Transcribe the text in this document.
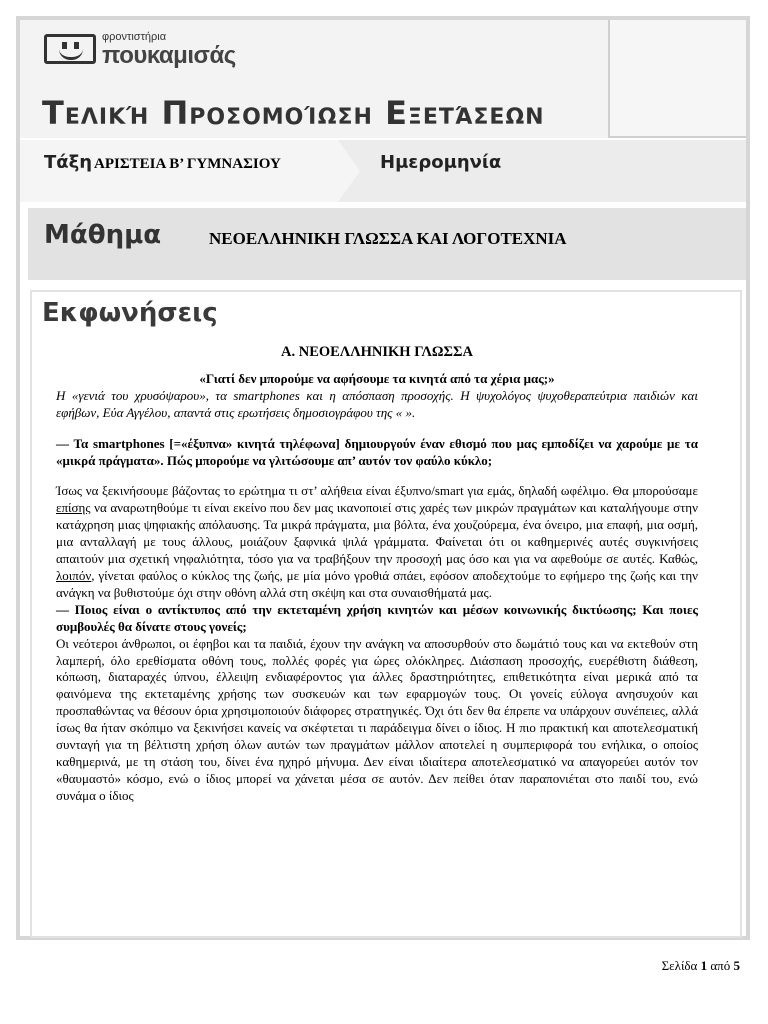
φροντιστήρια
πουκαμισάς
Τελική Προσομοίωση Εξετάσεων
Τάξη ΑΡΙΣΤΕΙΑ Β’ ΓΥΜΝΑΣΙΟΥ	Ημερομηνία
Μάθημα	ΝΕΟΕΛΛΗΝΙΚΗ ΓΛΩΣΣΑ ΚΑΙ ΛΟΓΟΤΕΧΝΙΑ
Εκφωνήσεις

Α. ΝΕΟΕΛΛΗΝΙΚΗ ΓΛΩΣΣΑ

«Γιατί δεν μπορούμε να αφήσουμε τα κινητά από τα χέρια μας;»

Η «γενιά του χρυσόψαρου», τα smartphones και η απόσπαση προσοχής. Η ψυχολόγος ψυχοθεραπεύτρια παιδιών και εφήβων, Εύα Αγγέλου, απαντά στις ερωτήσεις δημοσιογράφου της « ».

— Τα smartphones [=«έξυπνα» κινητά τηλέφωνα] δημιουργούν έναν εθισμό που μας εμποδίζει να χαρούμε με τα «μικρά πράγματα». Πώς μπορούμε να γλιτώσουμε απ’ αυτόν τον φαύλο κύκλο;

Ίσως να ξεκινήσουμε βάζοντας το ερώτημα τι στ’ αλήθεια είναι έξυπνο/smart για εμάς, δηλαδή ωφέλιμο. Θα μπορούσαμε επίσης να αναρωτηθούμε τι είναι εκείνο που δεν μας ικανοποιεί στις χαρές των μικρών πραγμάτων και καταλήγουμε στην κατάχρηση μιας ψηφιακής απόλαυσης. Τα μικρά πράγματα, μια βόλτα, ένα χουζούρεμα, ένα όνειρο, μια επαφή, μια οσμή, μια ανταλλαγή με τους άλλους, μοιάζουν ξαφνικά ψιλά γράμματα. Φαίνεται ότι οι καθημερινές αυτές συγκινήσεις απαιτούν μια σχετική νηφαλιότητα, τόσο για να τραβήξουν την προσοχή μας όσο και για να αφεθούμε σε αυτές. Καθώς, λοιπόν, γίνεται φαύλος ο κύκλος της ζωής, με μία μόνο γροθιά σπάει, εφόσον αποδεχτούμε το εφήμερο της ζωής και την ανάγκη να βυθιστούμε όχι στην οθόνη αλλά στη σκέψη και στα συναισθήματά μας.

— Ποιος είναι ο αντίκτυπος από την εκτεταμένη χρήση κινητών και μέσων κοινωνικής δικτύωσης; Και ποιες συμβουλές θα δίνατε στους γονείς;

Οι νεότεροι άνθρωποι, οι έφηβοι και τα παιδιά, έχουν την ανάγκη να αποσυρθούν στο δωμάτιό τους και να εκτεθούν στη λαμπερή, όλο ερεθίσματα οθόνη τους, πολλές φορές για ώρες ολόκληρες. Διάσπαση προσοχής, ευερέθιστη διάθεση, κόπωση, διαταραχές ύπνου, έλλειψη ενδιαφέροντος για άλλες δραστηριότητες, επιθετικότητα είναι μερικά από τα φαινόμενα της εκτεταμένης χρήσης των συσκευών και των εφαρμογών τους. Οι γονείς εύλογα ανησυχούν και προσπαθώντας να θέσουν όρια χρησιμοποιούν διάφορες στρατηγικές. Όχι ότι δεν θα έπρεπε να υπάρχουν συνέπειες, αλλά ίσως θα ήταν σκόπιμο να ξεκινήσει κανείς να σκέφτεται τι παράδειγμα δίνει ο ίδιος. Η πιο πρακτική και αποτελεσματική συνταγή για τη βέλτιστη χρήση όλων αυτών των πραγμάτων μάλλον αποτελεί η συμπεριφορά του ενήλικα, ο οποίος καθημερινά, με τη στάση του, δίνει ένα ηχηρό μήνυμα. Δεν είναι ιδιαίτερα αποτελεσματικό να απαγορεύει αυτόν τον «θαυμαστό» κόσμο, ενώ ο ίδιος μπορεί να χάνεται μέσα σε αυτόν. Δεν πείθει όταν παραπονιέται στο παιδί του, ενώ συνάμα ο ίδιος

Σελίδα 1 από 5
